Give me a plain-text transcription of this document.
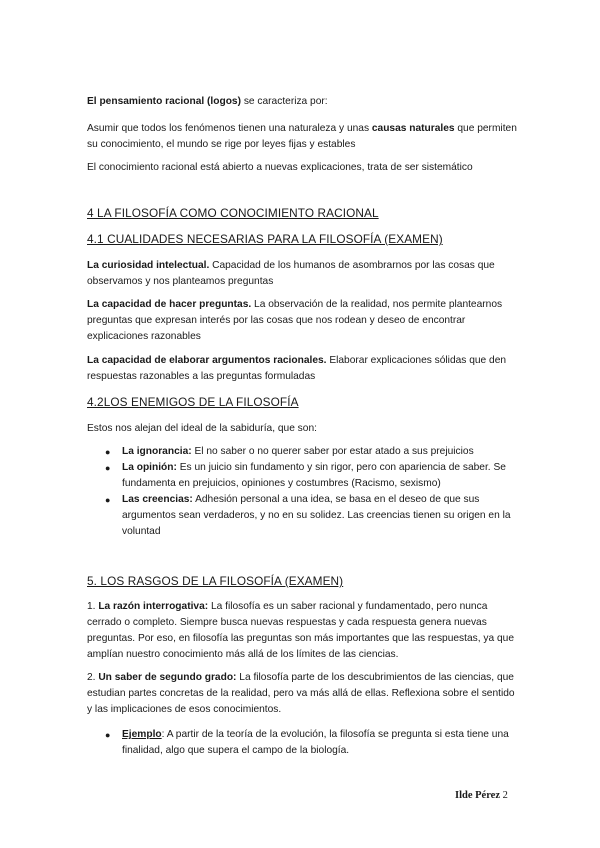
El pensamiento racional (logos) se caracteriza por:

Asumir que todos los fenómenos tienen una naturaleza y unas causas naturales que permiten su conocimiento, el mundo se rige por leyes fijas y estables

El conocimiento racional está abierto a nuevas explicaciones, trata de ser sistemático

4 LA FILOSOFÍA COMO CONOCIMIENTO RACIONAL

4.1 CUALIDADES NECESARIAS PARA LA FILOSOFÍA (EXAMEN)

La curiosidad intelectual. Capacidad de los humanos de asombrarnos por las cosas que observamos y nos planteamos preguntas

La capacidad de hacer preguntas. La observación de la realidad, nos permite plantearnos preguntas que expresan interés por las cosas que nos rodean y deseo de encontrar explicaciones razonables

La capacidad de elaborar argumentos racionales. Elaborar explicaciones sólidas que den respuestas razonables a las preguntas formuladas

4.2LOS ENEMIGOS DE LA FILOSOFÍA

Estos nos alejan del ideal de la sabiduría, que son:

● La ignorancia: El no saber o no querer saber por estar atado a sus prejuicios

● La opinión: Es un juicio sin fundamento y sin rigor, pero con apariencia de saber. Se fundamenta en prejuicios, opiniones y costumbres (Racismo, sexismo)

● Las creencias: Adhesión personal a una idea, se basa en el deseo de que sus argumentos sean verdaderos, y no en su solidez. Las creencias tienen su origen en la voluntad

5. LOS RASGOS DE LA FILOSOFÍA (EXAMEN)

1. La razón interrogativa: La filosofía es un saber racional y fundamentado, pero nunca cerrado o completo. Siempre busca nuevas respuestas y cada respuesta genera nuevas preguntas. Por eso, en filosofía las preguntas son más importantes que las respuestas, ya que amplían nuestro conocimiento más allá de los límites de las ciencias.

2. Un saber de segundo grado: La filosofía parte de los descubrimientos de las ciencias, que estudian partes concretas de la realidad, pero va más allá de ellas. Reflexiona sobre el sentido y las implicaciones de esos conocimientos.

● Ejemplo: A partir de la teoría de la evolución, la filosofía se pregunta si esta tiene una finalidad, algo que supera el campo de la biología.

Ilde Pérez 2
